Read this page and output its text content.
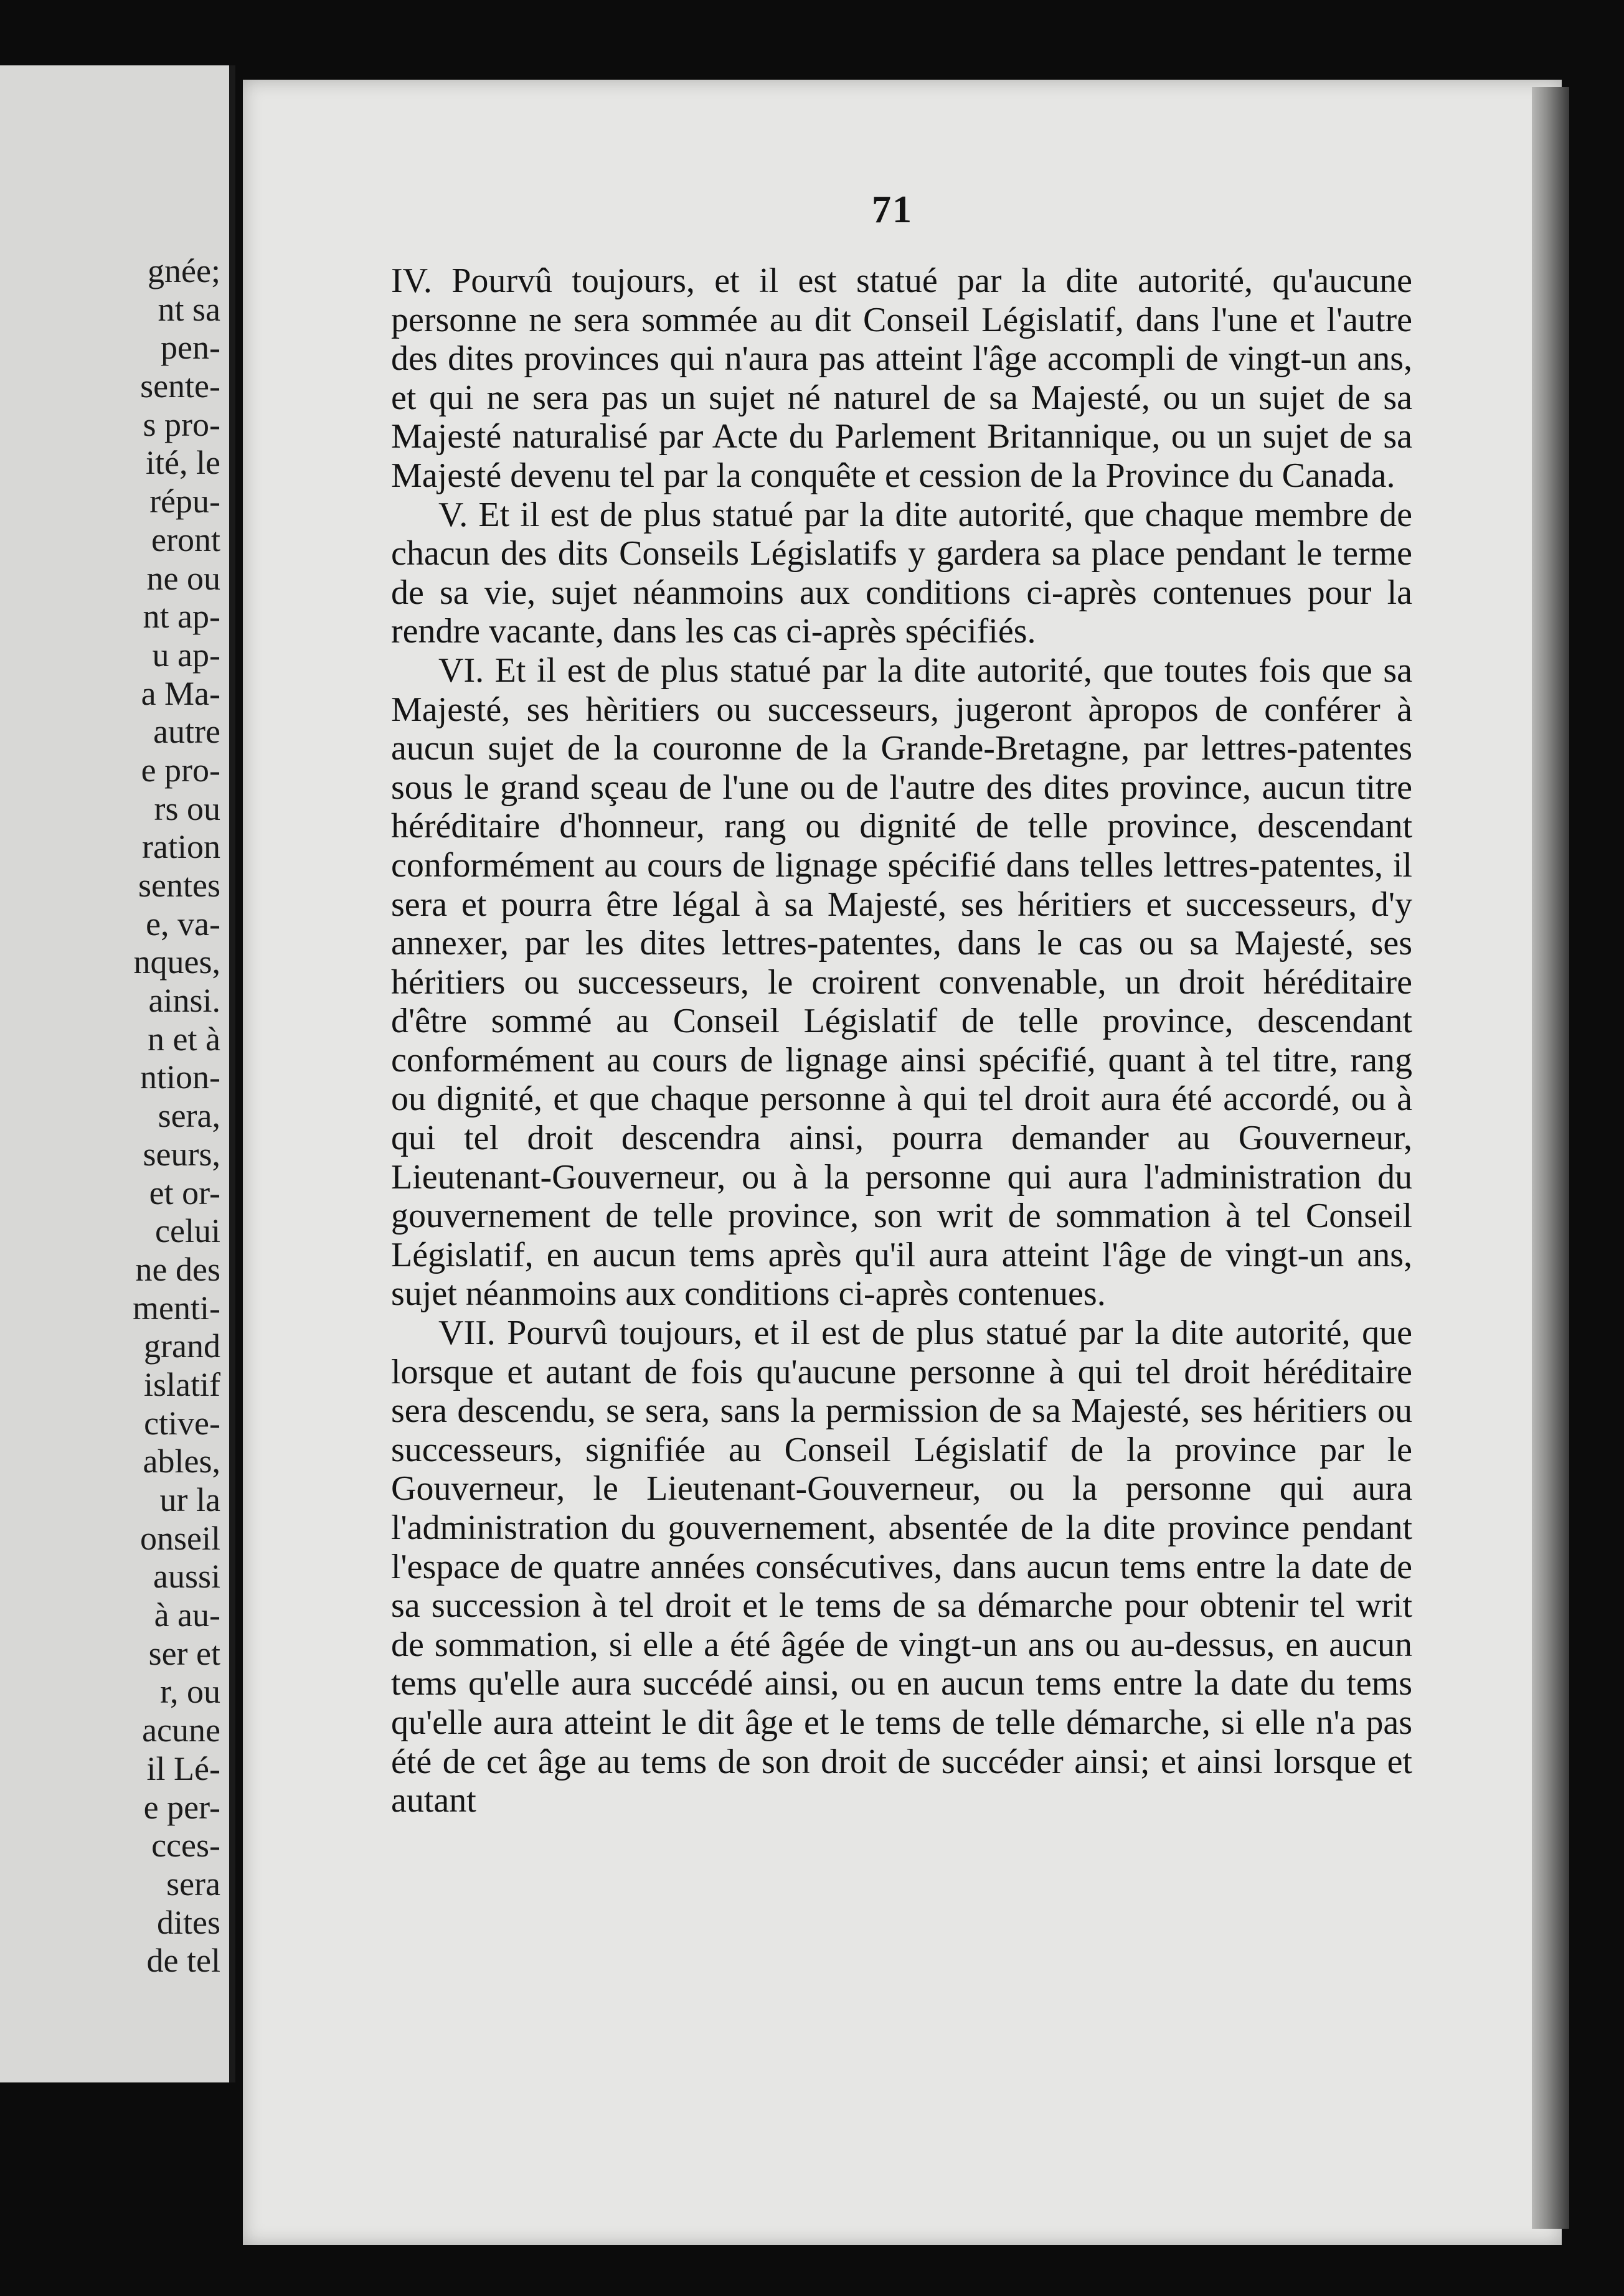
gnée;
nt sa
pen-
sente-
s pro-
ité, le
répu-
eront
ne ou
nt ap-
u ap-
a Ma-
autre
e pro-
rs ou
ration
sentes
e, va-
nques,
ainsi.
n et à
ntion-
sera,
seurs,
et or-
celui
ne des
menti-
grand
islatif
ctive-
ables,
ur la
onseil
aussi
à au-
ser et
r, ou
acune
il Lé-
e per-
cces-
sera
dites
de tel
71

IV. Pourvû toujours, et il est statué par la dite autorité, qu'aucune personne ne sera sommée au dit Conseil Législatif, dans l'une et l'autre des dites provinces qui n'aura pas atteint l'âge accompli de vingt-un ans, et qui ne sera pas un sujet né naturel de sa Majesté, ou un sujet de sa Majesté naturalisé par Acte du Parlement Britannique, ou un sujet de sa Majesté devenu tel par la conquête et cession de la Province du Canada.

V. Et il est de plus statué par la dite autorité, que chaque membre de chacun des dits Conseils Législatifs y gardera sa place pendant le terme de sa vie, sujet néanmoins aux conditions ci-après contenues pour la rendre vacante, dans les cas ci-après spécifiés.

VI. Et il est de plus statué par la dite autorité, que toutes fois que sa Majesté, ses hèritiers ou successeurs, jugeront àpropos de conférer à aucun sujet de la couronne de la Grande-Bretagne, par lettres-patentes sous le grand sçeau de l'une ou de l'autre des dites province, aucun titre héréditaire d'honneur, rang ou dignité de telle province, descendant conformément au cours de lignage spécifié dans telles lettres-patentes, il sera et pourra être légal à sa Majesté, ses héritiers et successeurs, d'y annexer, par les dites lettres-patentes, dans le cas ou sa Majesté, ses héritiers ou successeurs, le croirent convenable, un droit héréditaire d'être sommé au Conseil Législatif de telle province, descendant conformément au cours de lignage ainsi spécifié, quant à tel titre, rang ou dignité, et que chaque personne à qui tel droit aura été accordé, ou à qui tel droit descendra ainsi, pourra demander au Gouverneur, Lieutenant-Gouverneur, ou à la personne qui aura l'administration du gouvernement de telle province, son writ de sommation à tel Conseil Législatif, en aucun tems après qu'il aura atteint l'âge de vingt-un ans, sujet néanmoins aux conditions ci-après contenues.

VII. Pourvû toujours, et il est de plus statué par la dite autorité, que lorsque et autant de fois qu'aucune personne à qui tel droit héréditaire sera descendu, se sera, sans la permission de sa Majesté, ses héritiers ou successeurs, signifiée au Conseil Législatif de la province par le Gouverneur, le Lieutenant-Gouverneur, ou la personne qui aura l'administration du gouvernement, absentée de la dite province pendant l'espace de quatre années consécutives, dans aucun tems entre la date de sa succession à tel droit et le tems de sa démarche pour obtenir tel writ de sommation, si elle a été âgée de vingt-un ans ou au-dessus, en aucun tems qu'elle aura succédé ainsi, ou en aucun tems entre la date du tems qu'elle aura atteint le dit âge et le tems de telle démarche, si elle n'a pas été de cet âge au tems de son droit de succéder ainsi; et ainsi lorsque et autant
